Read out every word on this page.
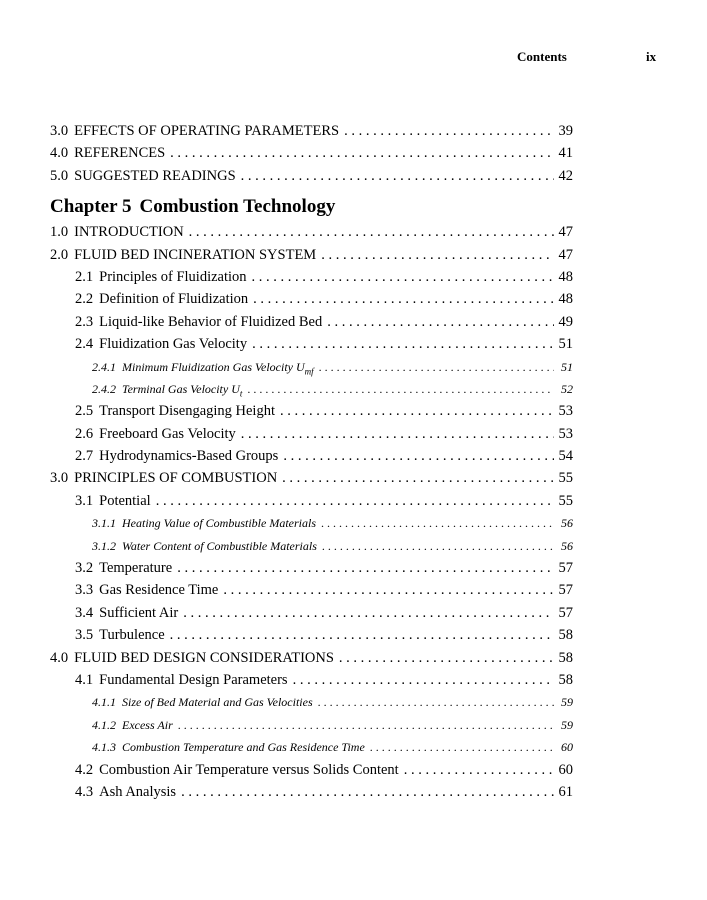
Contents	ix
3.0 EFFECTS OF OPERATING PARAMETERS . . .	39
4.0 REFERENCES . . .	41
5.0 SUGGESTED READINGS . . .	42
Chapter 5 Combustion Technology
1.0 INTRODUCTION . . .	47
2.0 FLUID BED INCINERATION SYSTEM . . .	47
2.1 Principles of Fluidization . . .	48
2.2 Definition of Fluidization . . .	48
2.3 Liquid-like Behavior of Fluidized Bed . . .	49
2.4 Fluidization Gas Velocity . . .	51
2.4.1 Minimum Fluidization Gas Velocity $U_{mf}$ . . .	51
2.4.2 Terminal Gas Velocity $U_t$ . . .	52
2.5 Transport Disengaging Height . . .	53
2.6 Freeboard Gas Velocity . . .	53
2.7 Hydrodynamics-Based Groups . . .	54
3.0 PRINCIPLES OF COMBUSTION . . .	55
3.1 Potential . . .	55
3.1.1 Heating Value of Combustible Materials . . .	56
3.1.2 Water Content of Combustible Materials . . .	56
3.2 Temperature . . .	57
3.3 Gas Residence Time . . .	57
3.4 Sufficient Air . . .	57
3.5 Turbulence . . .	58
4.0 FLUID BED DESIGN CONSIDERATIONS . . .	58
4.1 Fundamental Design Parameters . . .	58
4.1.1 Size of Bed Material and Gas Velocities . . .	59
4.1.2 Excess Air . . .	59
4.1.3 Combustion Temperature and Gas Residence Time . . .	60
4.2 Combustion Air Temperature versus Solids Content . . .	60
4.3 Ash Analysis . . .	61
